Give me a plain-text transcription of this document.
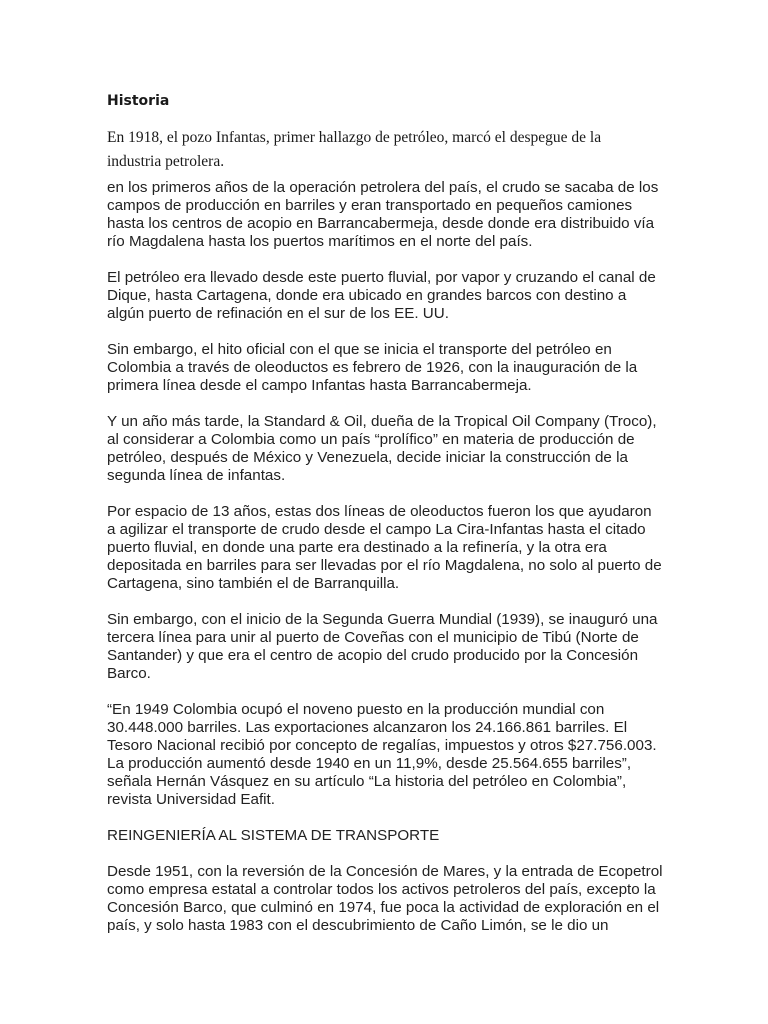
Historia

En 1918, el pozo Infantas, primer hallazgo de petróleo, marcó el despegue de la industria petrolera.

en los primeros años de la operación petrolera del país, el crudo se sacaba de los campos de producción en barriles y eran transportado en pequeños camiones hasta los centros de acopio en Barrancabermeja, desde donde era distribuido vía río Magdalena hasta los puertos marítimos en el norte del país.

El petróleo era llevado desde este puerto fluvial, por vapor y cruzando el canal de Dique, hasta Cartagena, donde era ubicado en grandes barcos con destino a algún puerto de refinación en el sur de los EE. UU.

Sin embargo, el hito oficial con el que se inicia el transporte del petróleo en Colombia a través de oleoductos es febrero de 1926, con la inauguración de la primera línea desde el campo Infantas hasta Barrancabermeja.

Y un año más tarde, la Standard & Oil, dueña de la Tropical Oil Company (Troco), al considerar a Colombia como un país “prolífico” en materia de producción de petróleo, después de México y Venezuela, decide iniciar la construcción de la segunda línea de infantas.

Por espacio de 13 años, estas dos líneas de oleoductos fueron los que ayudaron a agilizar el transporte de crudo desde el campo La Cira-Infantas hasta el citado puerto fluvial, en donde una parte era destinado a la refinería, y la otra era depositada en barriles para ser llevadas por el río Magdalena, no solo al puerto de Cartagena, sino también el de Barranquilla.

Sin embargo, con el inicio de la Segunda Guerra Mundial (1939), se inauguró una tercera línea para unir al puerto de Coveñas con el municipio de Tibú (Norte de Santander) y que era el centro de acopio del crudo producido por la Concesión Barco.

“En 1949 Colombia ocupó el noveno puesto en la producción mundial con 30.448.000 barriles. Las exportaciones alcanzaron los 24.166.861 barriles. El Tesoro Nacional recibió por concepto de regalías, impuestos y otros $27.756.003. La producción aumentó desde 1940 en un 11,9%, desde 25.564.655 barriles”, señala Hernán Vásquez en su artículo “La historia del petróleo en Colombia”, revista Universidad Eafit.

REINGENIERÍA AL SISTEMA DE TRANSPORTE

Desde 1951, con la reversión de la Concesión de Mares, y la entrada de Ecopetrol como empresa estatal a controlar todos los activos petroleros del país, excepto la Concesión Barco, que culminó en 1974, fue poca la actividad de exploración en el país, y solo hasta 1983 con el descubrimiento de Caño Limón, se le dio un
